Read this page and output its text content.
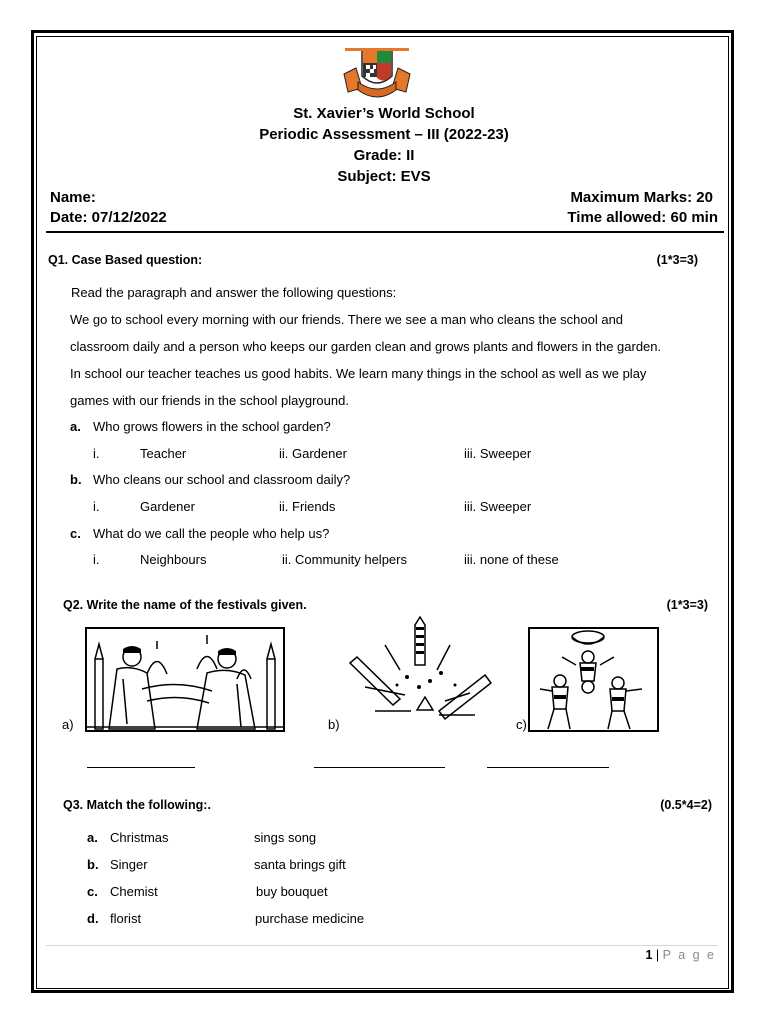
St. Xavier’s World School
Periodic Assessment – III (2022-23)
Grade: II
Subject: EVS
Name:
Date: 07/12/2022
Maximum Marks: 20
Time allowed: 60 min
Q1. Case Based question:	(1*3=3)
Read the paragraph and answer the following questions:
We go to school every morning with our friends. There we see a man who cleans the school and
classroom daily and a person who keeps our garden clean and grows plants and flowers in the garden.
In school our teacher teaches us good habits. We learn many things in the school as well as we play
games with our friends in the school playground.
a. Who grows flowers in the school garden?
i.	Teacher	ii. Gardener	iii. Sweeper
b. Who cleans our school and classroom daily?
i.	Gardener	ii. Friends	iii. Sweeper
c. What do we call the people who help us?
i.	Neighbours	ii. Community helpers	iii. none of these
Q2. Write the name of the festivals given.	(1*3=3)
a)	b)	c)
Q3. Match the following:.	(0.5*4=2)
a. Christmas	sings song
b. Singer	santa brings gift
c. Chemist	buy bouquet
d. florist	purchase medicine
1 | P a g e
